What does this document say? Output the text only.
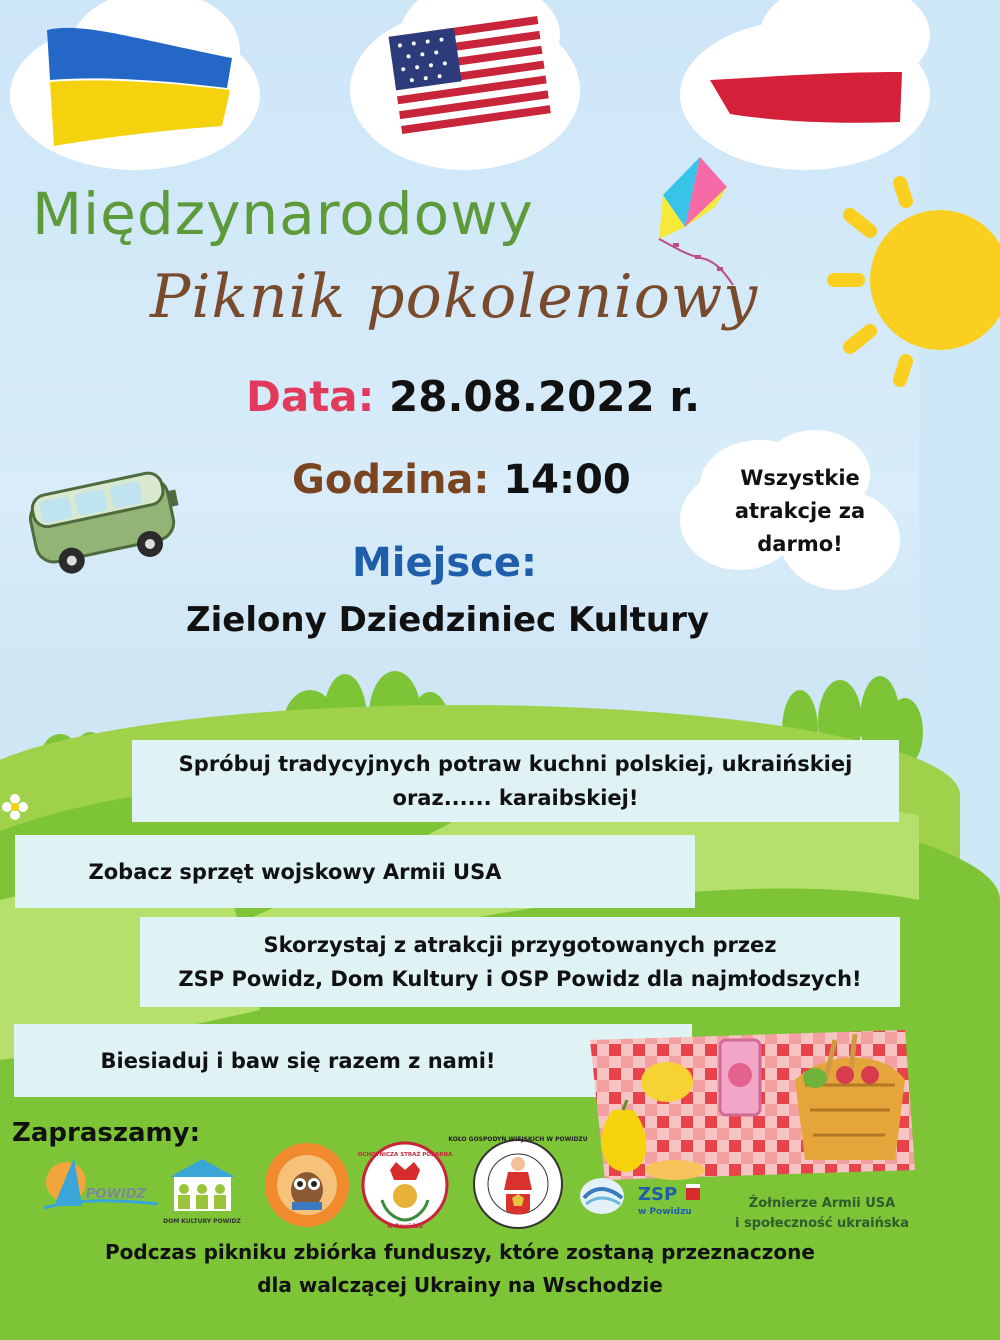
Międzynarodowy
Piknik pokoleniowy
Data: 28.08.2022 r.
Godzina: 14:00
Miejsce:
Zielony Dziedziniec Kultury
Wszystkie
atrakcje za
darmo!
Spróbuj tradycyjnych potraw kuchni polskiej, ukraińskiej
oraz...... karaibskiej!
Zobacz sprzęt wojskowy Armii USA
Skorzystaj z atrakcji przygotowanych przez
ZSP Powidz, Dom Kultury i OSP Powidz dla najmłodszych!
Biesiaduj i baw się razem z nami!
Zapraszamy:
POWIDZ
DOM KULTURY POWIDZ
OCHOTNICZA STRAŻ POŻARNA
w Powidzu
KOŁO GOSPODYŃ WIEJSKICH W POWIDZU
ZSP
w Powidzu
Żołnierze Armii USA
i społeczność ukraińska
Podczas pikniku zbiórka funduszy, które zostaną przeznaczone
dla walczącej Ukrainy na Wschodzie
